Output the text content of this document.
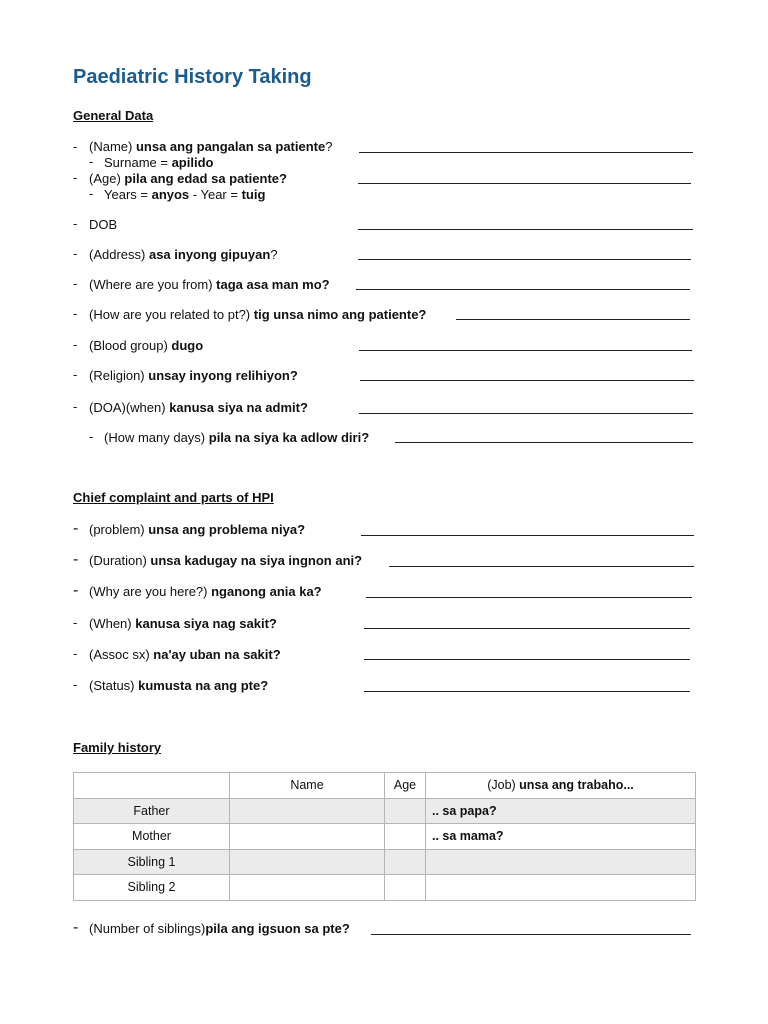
Paediatric History Taking
General Data
- (Name) unsa ang pangalan sa patiente?
- Surname = apilido
- (Age) pila ang edad sa patiente?
- Years = anyos - Year = tuig
- DOB
- (Address) asa inyong gipuyan?
- (Where are you from) taga asa man mo?
- (How are you related to pt?) tig unsa nimo ang patiente?
- (Blood group) dugo
- (Religion) unsay inyong relihiyon?
- (DOA)(when) kanusa siya na admit?
- (How many days) pila na siya ka adlow diri?
Chief complaint and parts of HPI
- (problem) unsa ang problema niya?
- (Duration) unsa kadugay na siya ingnon ani?
- (Why are you here?) nganong ania ka?
- (When) kanusa siya nag sakit?
- (Assoc sx) na'ay uban na sakit?
- (Status) kumusta na ang pte?
Family history
	Name	Age	(Job) unsa ang trabaho...
Father			.. sa papa?
Mother			.. sa mama?
Sibling 1			
Sibling 2			
- (Number of siblings)pila ang igsuon sa pte?
